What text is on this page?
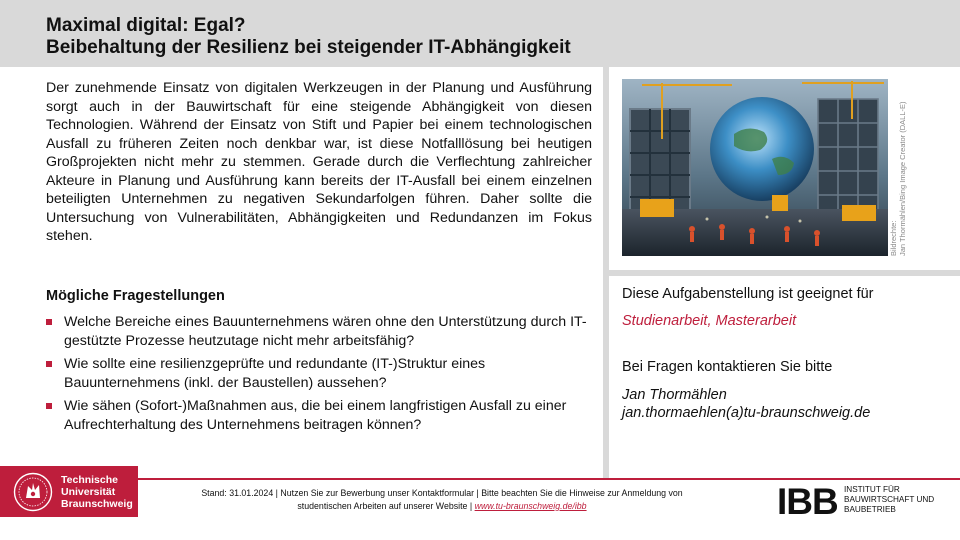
Maximal digital: Egal?
Beibehaltung der Resilienz bei steigender IT-Abhängigkeit
Der zunehmende Einsatz von digitalen Werkzeugen in der Planung und Ausführung sorgt auch in der Bauwirtschaft für eine steigende Abhängigkeit von diesen Technologien. Während der Einsatz von Stift und Papier bei einem technologischen Ausfall zu früheren Zeiten noch denkbar war, ist diese Notfalllösung bei heutigen Großprojekten nicht mehr zu stemmen. Gerade durch die Verflechtung zahlreicher Akteure in Planung und Ausführung kann bereits der IT-Ausfall bei einem einzelnen beteiligten Unternehmen zu negativen Sekundarfolgen führen. Daher sollte die Untersuchung von Vulnerabilitäten, Abhängigkeiten und Redundanzen im Fokus stehen.
Mögliche Fragestellungen
Welche Bereiche eines Bauunternehmens wären ohne den Unterstützung durch IT-gestützte Prozesse heutzutage nicht mehr arbeitsfähig?
Wie sollte eine resilienzgeprüfte und redundante (IT-)Struktur eines Bauunternehmens (inkl. der Baustellen) aussehen?
Wie sähen (Sofort-)Maßnahmen aus, die bei einem langfristigen Ausfall zu einer Aufrechterhaltung des Unternehmens beitragen können?
Bildrechte: Jan Thormählen/Bing Image Creator (DALL-E)
Diese Aufgabenstellung ist geeignet für
Studienarbeit, Masterarbeit
Bei Fragen kontaktieren Sie bitte
Jan Thormählen
jan.thormaehlen(a)tu-braunschweig.de
Technische
Universität
Braunschweig
Stand: 31.01.2024 | Nutzen Sie zur Bewerbung unser Kontaktformular | Bitte beachten Sie die Hinweise zur Anmeldung von
studentischen Arbeiten auf unserer Website | www.tu-braunschweig.de/ibb	IBB INSTITUT FÜR
BAUWIRTSCHAFT UND
BAUBETRIEB
